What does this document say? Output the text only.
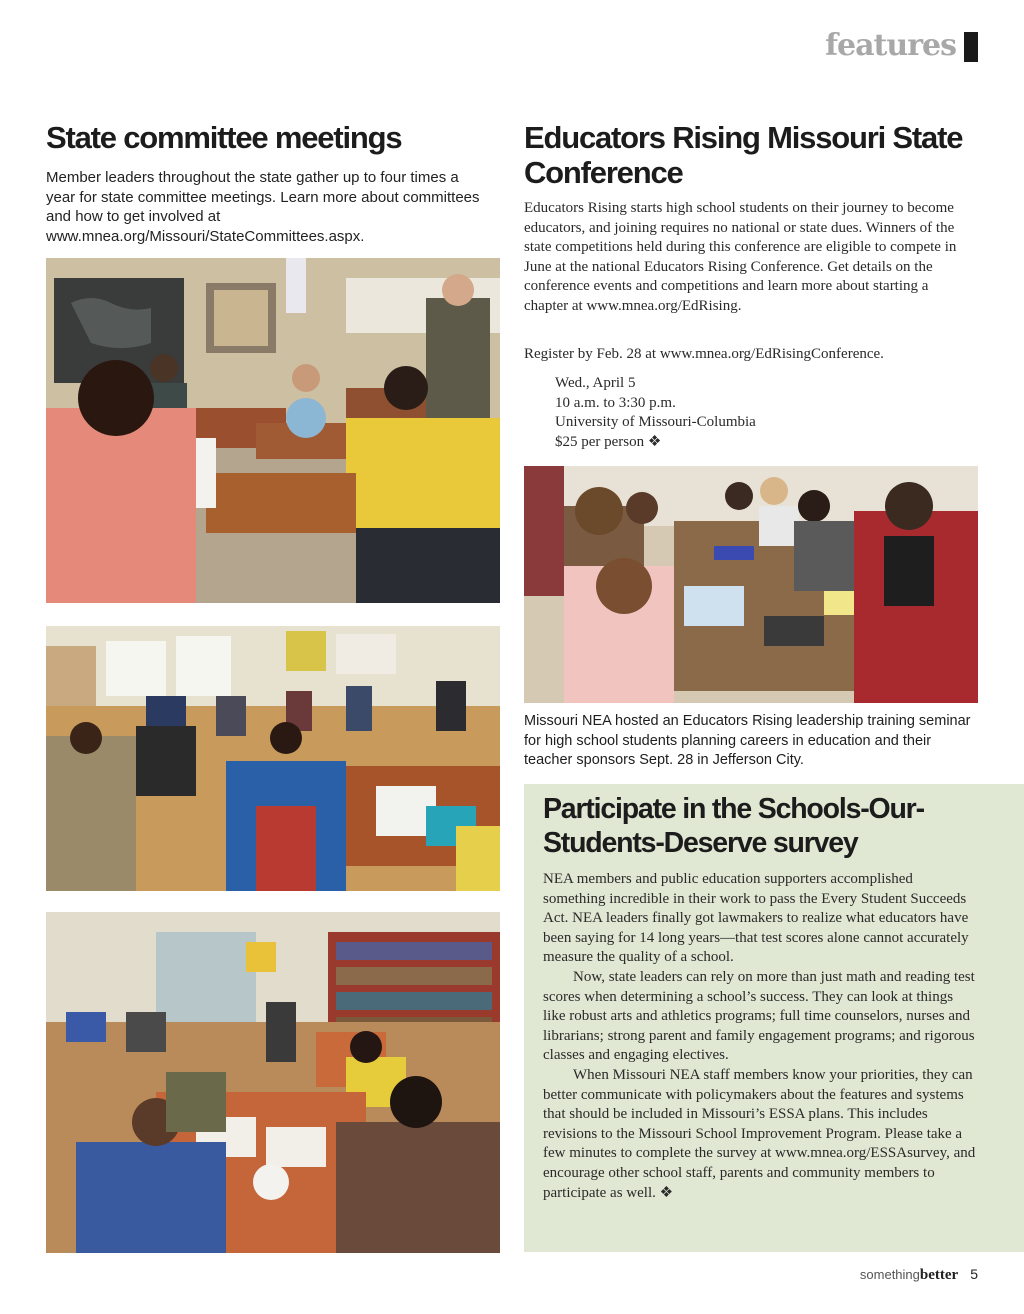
features
State committee meetings

Member leaders throughout the state gather up to four times a year for state committee meetings. Learn more about committees and how to get involved at www.mnea.org/Missouri/StateCommittees.aspx.

Educators Rising Missouri State Conference

Educators Rising starts high school students on their journey to become educators, and joining requires no national or state dues. Winners of the state competitions held during this conference are eligible to compete in June at the national Educators Rising Conference. Get details on the conference events and competitions and learn more about starting a chapter at www.mnea.org/EdRising.

Register by Feb. 28 at www.mnea.org/EdRisingConference.

Wed., April 5
10 a.m. to 3:30 p.m.
University of Missouri-Columbia
$25 per person ❖

Missouri NEA hosted an Educators Rising leadership training seminar for high school students planning careers in education and their teacher sponsors Sept. 28 in Jefferson City.

Participate in the Schools-Our-Students-Deserve survey

NEA members and public education supporters accomplished something incredible in their work to pass the Every Student Succeeds Act. NEA leaders finally got lawmakers to realize what educators have been saying for 14 long years—that test scores alone cannot accurately measure the quality of a school.

Now, state leaders can rely on more than just math and reading test scores when determining a school’s success. They can look at things like robust arts and athletics programs; full time counselors, nurses and librarians; strong parent and family engagement programs; and rigorous classes and engaging electives.

When Missouri NEA staff members know your priorities, they can better communicate with policymakers about the features and systems that should be included in Missouri’s ESSA plans. This includes revisions to the Missouri School Improvement Program. Please take a few minutes to complete the survey at www.mnea.org/ESSAsurvey, and encourage other school staff, parents and community members to participate as well. ❖

somethingbetter 5
